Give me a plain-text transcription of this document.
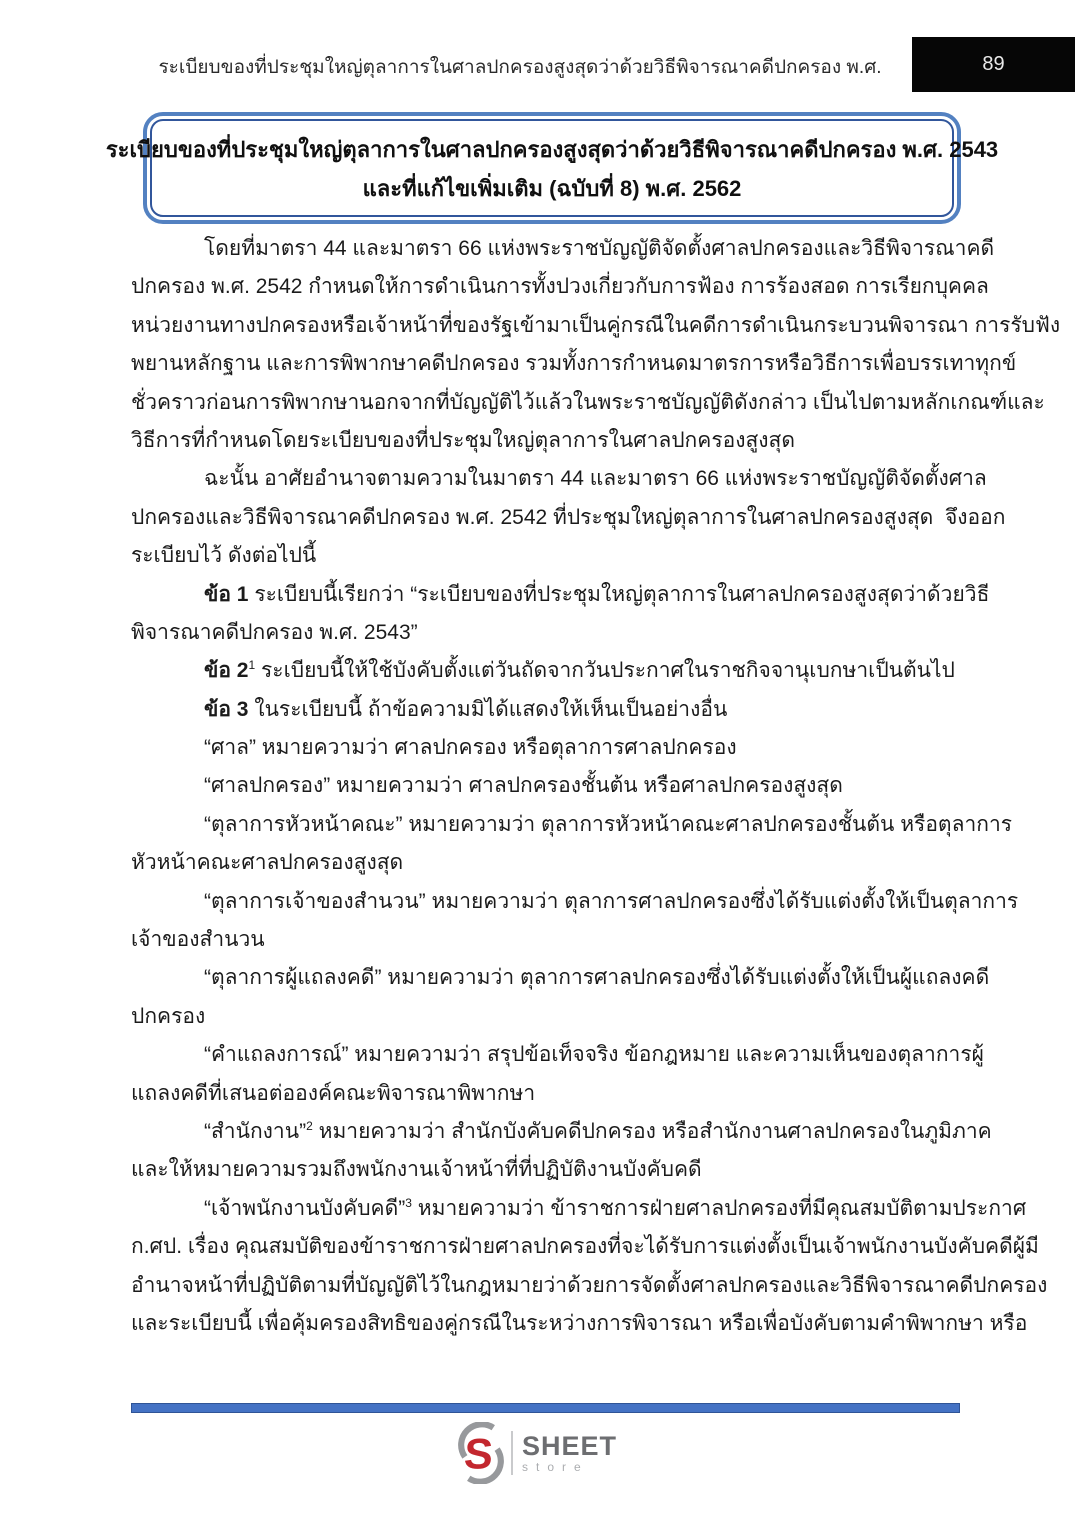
ระเบียบของที่ประชุมใหญ่ตุลาการในศาลปกครองสูงสุดว่าด้วยวิธีพิจารณาคดีปกครอง พ.ศ.	89
ระเบียบของที่ประชุมใหญ่ตุลาการในศาลปกครองสูงสุดว่าด้วยวิธีพิจารณาคดีปกครอง พ.ศ. 2543
และที่แก้ไขเพิ่มเติม (ฉบับที่ 8) พ.ศ. 2562
โดยที่มาตรา 44 และมาตรา 66 แห่งพระราชบัญญัติจัดตั้งศาลปกครองและวิธีพิจารณาคดี
ปกครอง พ.ศ. 2542 กำหนดให้การดำเนินการทั้งปวงเกี่ยวกับการฟ้อง การร้องสอด การเรียกบุคคล
หน่วยงานทางปกครองหรือเจ้าหน้าที่ของรัฐเข้ามาเป็นคู่กรณีในคดีการดำเนินกระบวนพิจารณา การรับฟัง
พยานหลักฐาน และการพิพากษาคดีปกครอง รวมทั้งการกำหนดมาตรการหรือวิธีการเพื่อบรรเทาทุกข์
ชั่วคราวก่อนการพิพากษานอกจากที่บัญญัติไว้แล้วในพระราชบัญญัติดังกล่าว เป็นไปตามหลักเกณฑ์และ
วิธีการที่กำหนดโดยระเบียบของที่ประชุมใหญ่ตุลาการในศาลปกครองสูงสุด
ฉะนั้น อาศัยอำนาจตามความในมาตรา 44 และมาตรา 66 แห่งพระราชบัญญัติจัดตั้งศาล
ปกครองและวิธีพิจารณาคดีปกครอง พ.ศ. 2542 ที่ประชุมใหญ่ตุลาการในศาลปกครองสูงสุด  จึงออก
ระเบียบไว้ ดังต่อไปนี้
ข้อ 1 ระเบียบนี้เรียกว่า “ระเบียบของที่ประชุมใหญ่ตุลาการในศาลปกครองสูงสุดว่าด้วยวิธี
พิจารณาคดีปกครอง พ.ศ. 2543”
ข้อ $2^1$ ระเบียบนี้ให้ใช้บังคับตั้งแต่วันถัดจากวันประกาศในราชกิจจานุเบกษาเป็นต้นไป
ข้อ 3 ในระเบียบนี้ ถ้าข้อความมิได้แสดงให้เห็นเป็นอย่างอื่น
“ศาล” หมายความว่า ศาลปกครอง หรือตุลาการศาลปกครอง
“ศาลปกครอง” หมายความว่า ศาลปกครองชั้นต้น หรือศาลปกครองสูงสุด
“ตุลาการหัวหน้าคณะ” หมายความว่า ตุลาการหัวหน้าคณะศาลปกครองชั้นต้น หรือตุลาการ
หัวหน้าคณะศาลปกครองสูงสุด
“ตุลาการเจ้าของสำนวน” หมายความว่า ตุลาการศาลปกครองซึ่งได้รับแต่งตั้งให้เป็นตุลาการ
เจ้าของสำนวน
“ตุลาการผู้แถลงคดี” หมายความว่า ตุลาการศาลปกครองซึ่งได้รับแต่งตั้งให้เป็นผู้แถลงคดี
ปกครอง
“คำแถลงการณ์” หมายความว่า สรุปข้อเท็จจริง ข้อกฎหมาย และความเห็นของตุลาการผู้
แถลงคดีที่เสนอต่อองค์คณะพิจารณาพิพากษา
“สำนักงาน”$^2$ หมายความว่า สำนักบังคับคดีปกครอง หรือสำนักงานศาลปกครองในภูมิภาค
และให้หมายความรวมถึงพนักงานเจ้าหน้าที่ที่ปฏิบัติงานบังคับคดี
“เจ้าพนักงานบังคับคดี”$^3$ หมายความว่า ข้าราชการฝ่ายศาลปกครองที่มีคุณสมบัติตามประกาศ
ก.ศป. เรื่อง คุณสมบัติของข้าราชการฝ่ายศาลปกครองที่จะได้รับการแต่งตั้งเป็นเจ้าพนักงานบังคับคดีผู้มี
อำนาจหน้าที่ปฏิบัติตามที่บัญญัติไว้ในกฎหมายว่าด้วยการจัดตั้งศาลปกครองและวิธีพิจารณาคดีปกครอง
และระเบียบนี้ เพื่อคุ้มครองสิทธิของคู่กรณีในระหว่างการพิจารณา หรือเพื่อบังคับตามคำพิพากษา หรือ
S SHEET
store
